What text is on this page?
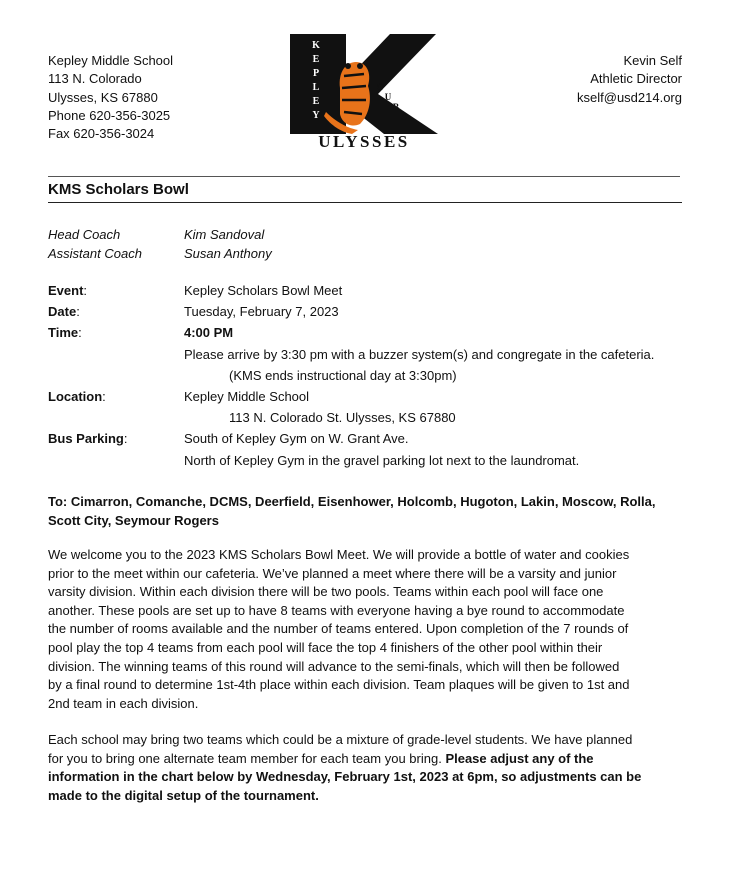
Kepley Middle School
113 N. Colorado
Ulysses, KS 67880
Phone 620-356-3025
Fax 620-356-3024
K
E
P
L
E
Y
C
U
B
S
ULYSSES
Kevin Self
Athletic Director
kself@usd214.org
KMS Scholars Bowl
Head Coach	Kim Sandoval
Assistant Coach	Susan Anthony
Event:	Kepley Scholars Bowl Meet
Date:	Tuesday, February 7, 2023
Time:	4:00 PM
Please arrive by 3:30 pm with a buzzer system(s) and congregate in the cafeteria.
(KMS ends instructional day at 3:30pm)
Location:	Kepley Middle School
113 N. Colorado St. Ulysses, KS 67880
Bus Parking:	South of Kepley Gym on W. Grant Ave.
North of Kepley Gym in the gravel parking lot next to the laundromat.
To: Cimarron, Comanche, DCMS, Deerfield, Eisenhower, Holcomb, Hugoton, Lakin, Moscow, Rolla, Scott City, Seymour Rogers
We welcome you to the 2023 KMS Scholars Bowl Meet. We will provide a bottle of water and cookies
prior to the meet within our cafeteria. We’ve planned a meet where there will be a varsity and junior
varsity division. Within each division there will be two pools. Teams within each pool will face one
another. These pools are set up to have 8 teams with everyone having a bye round to accommodate
the number of rooms available and the number of teams entered. Upon completion of the 7 rounds of
pool play the top 4 teams from each pool will face the top 4 finishers of the other pool within their
division. The winning teams of this round will advance to the semi-finals, which will then be followed
by a final round to determine 1st-4th place within each division. Team plaques will be given to 1st and
2nd team in each division.
Each school may bring two teams which could be a mixture of grade-level students. We have planned
for you to bring one alternate team member for each team you bring. Please adjust any of the
information in the chart below by Wednesday, February 1st, 2023 at 6pm, so adjustments can be
made to the digital setup of the tournament.
